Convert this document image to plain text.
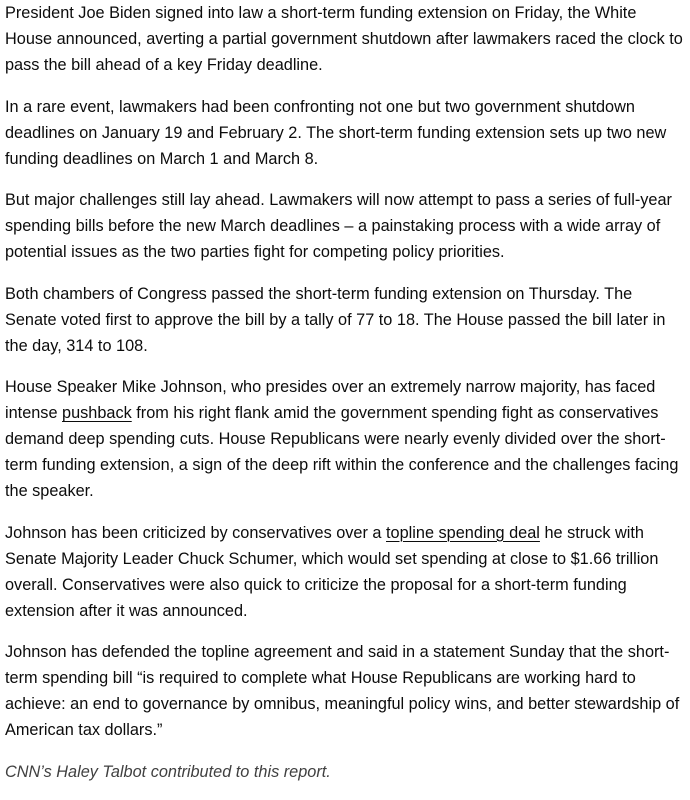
President Joe Biden signed into law a short-term funding extension on Friday, the White House announced, averting a partial government shutdown after lawmakers raced the clock to pass the bill ahead of a key Friday deadline.

In a rare event, lawmakers had been confronting not one but two government shutdown deadlines on January 19 and February 2. The short-term funding extension sets up two new funding deadlines on March 1 and March 8.

But major challenges still lay ahead. Lawmakers will now attempt to pass a series of full-year spending bills before the new March deadlines – a painstaking process with a wide array of potential issues as the two parties fight for competing policy priorities.

Both chambers of Congress passed the short-term funding extension on Thursday. The Senate voted first to approve the bill by a tally of 77 to 18. The House passed the bill later in the day, 314 to 108.

House Speaker Mike Johnson, who presides over an extremely narrow majority, has faced intense pushback from his right flank amid the government spending fight as conservatives demand deep spending cuts. House Republicans were nearly evenly divided over the short-term funding extension, a sign of the deep rift within the conference and the challenges facing the speaker.

Johnson has been criticized by conservatives over a topline spending deal he struck with Senate Majority Leader Chuck Schumer, which would set spending at close to $1.66 trillion overall. Conservatives were also quick to criticize the proposal for a short-term funding extension after it was announced.

Johnson has defended the topline agreement and said in a statement Sunday that the short-term spending bill “is required to complete what House Republicans are working hard to achieve: an end to governance by omnibus, meaningful policy wins, and better stewardship of American tax dollars.”

CNN’s Haley Talbot contributed to this report.
